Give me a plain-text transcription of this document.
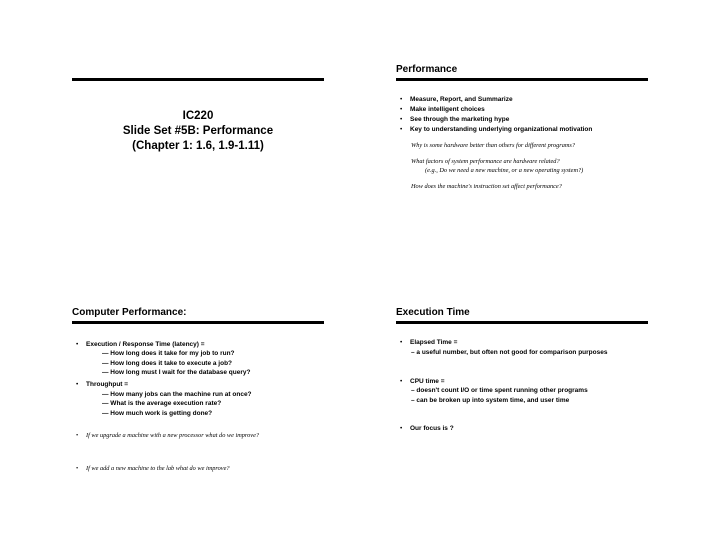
IC220
Slide Set #5B: Performance
(Chapter 1: 1.6, 1.9-1.11)
Performance
• Measure, Report, and Summarize
• Make intelligent choices
• See through the marketing hype
• Key to understanding underlying organizational motivation
Why is some hardware better than others for different programs?
What factors of system performance are hardware related?
(e.g., Do we need a new machine, or a new operating system?)
How does the machine's instruction set affect performance?
Computer Performance:
• Execution / Response Time (latency) =
— How long does it take for my job to run?
— How long does it take to execute a job?
— How long must I wait for the database query?
• Throughput =
— How many jobs can the machine run at once?
— What is the average execution rate?
— How much work is getting done?
• If we upgrade a machine with a new processor what do we improve?
• If we add a new machine to the lab what do we improve?
Execution Time
• Elapsed Time =
– a useful number, but often not good for comparison purposes
• CPU time =
– doesn't count I/O or time spent running other programs
– can be broken up into system time, and user time
• Our focus is ?
